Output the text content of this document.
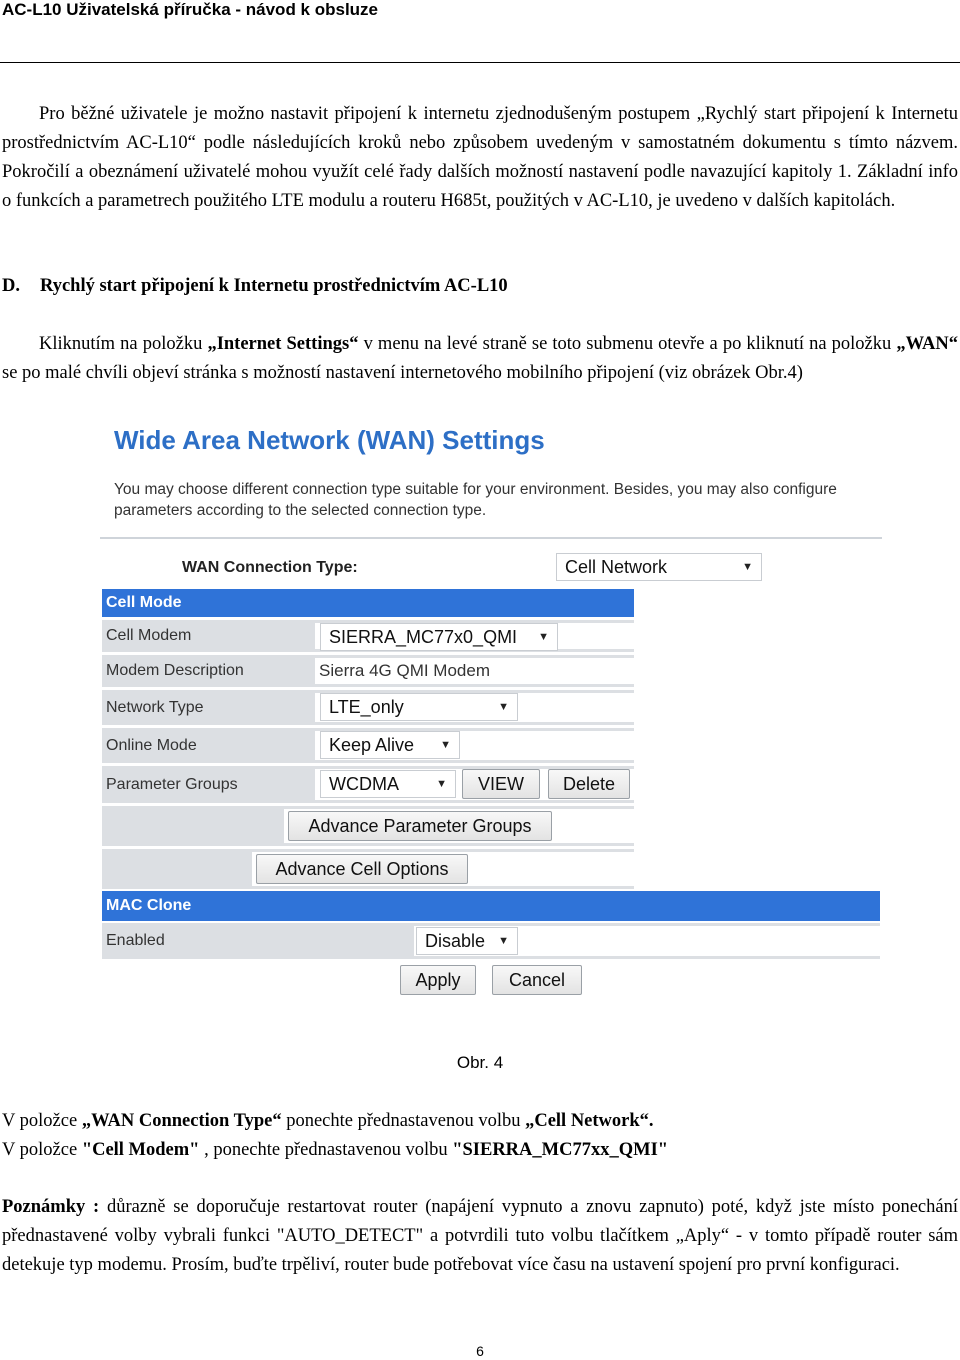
AC-L10 Uživatelská příručka - návod k obsluze

Pro běžné uživatele je možno nastavit připojení k internetu zjednodušeným postupem „Rychlý start připojení k Internetu prostřednictvím AC-L10“ podle následujících kroků nebo způsobem uvedeným v samostatném dokumentu s tímto názvem. Pokročilí a obeznámení uživatelé mohou využít celé řady dalších možností nastavení podle navazující kapitoly 1. Základní info o funkcích a parametrech použitého LTE modulu a routeru H685t, použitých v AC-L10, je uvedeno v dalších kapitolách.

D. Rychlý start připojení k Internetu prostřednictvím AC-L10

Kliknutím na položku „Internet Settings“ v menu na levé straně se toto submenu otevře a po kliknutí na položku „WAN“ se po malé chvíli objeví stránka s možností nastavení internetového mobilního připojení (viz obrázek Obr.4)

Wide Area Network (WAN) Settings
You may choose different connection type suitable for your environment. Besides, you may also configure parameters according to the selected connection type.
WAN Connection Type:	Cell Network	▼
Cell Mode
Cell Modem	SIERRA_MC77x0_QMI ▼
Modem Description	Sierra 4G QMI Modem
Network Type	LTE_only	▼
Online Mode	Keep Alive ▼
Parameter Groups	WCDMA	▼	VIEW	Delete
Advance Parameter Groups
Advance Cell Options
MAC Clone
Enabled	Disable ▼
Apply	Cancel
Obr. 4

V položce „WAN Connection Type“ ponechte přednastavenou volbu „Cell Network“.

V položce "Cell Modem" , ponechte přednastavenou volbu "SIERRA_MC77xx_QMI"

Poznámky : důrazně se doporučuje restartovat router (napájení vypnuto a znovu zapnuto) poté, když jste místo ponechání přednastavené volby vybrali funkci "AUTO_DETECT" a potvrdili tuto volbu tlačítkem „Aply“ - v tomto případě router sám detekuje typ modemu. Prosím, buďte trpěliví, router bude potřebovat více času na ustavení spojení pro první konfiguraci.

6
